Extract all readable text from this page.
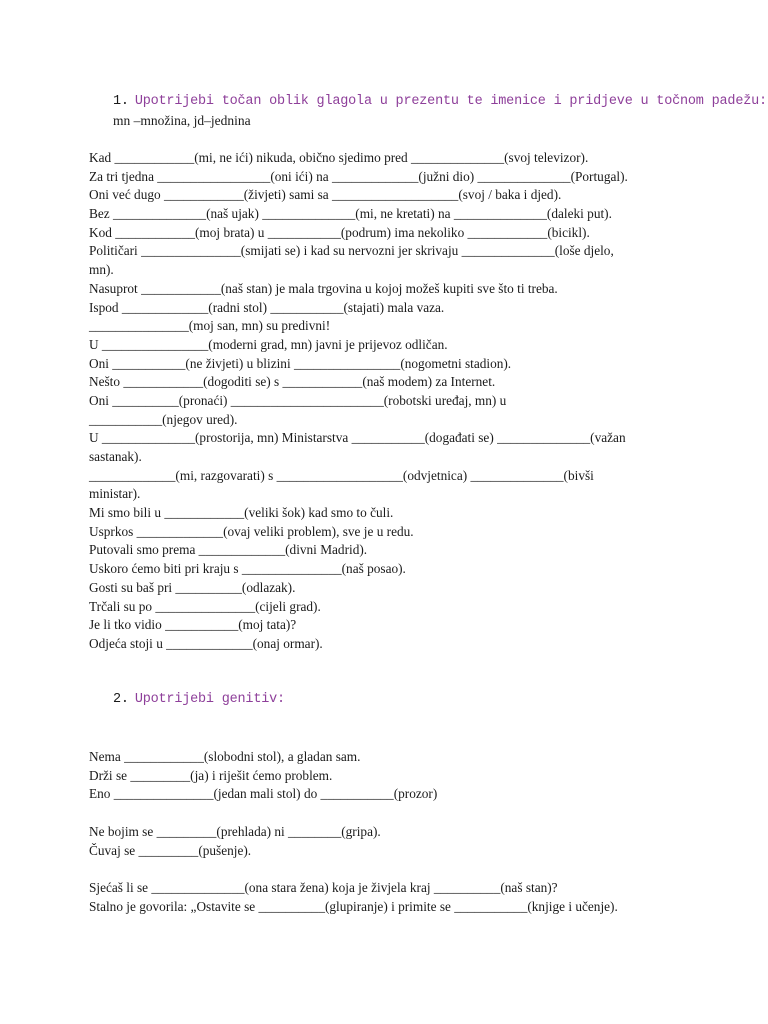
1. Upotrijebi točan oblik glagola u prezentu te imenice i pridjeve u točnom padežu:
mn –množina, jd–jednina
Kad ____________(mi, ne ići) nikuda, obično sjedimo pred ______________(svoj televizor).
Za tri tjedna _________________(oni ići) na _____________(južni dio) ______________(Portugal).
Oni već dugo ____________(živjeti) sami sa ___________________(svoj / baka i djed).
Bez ______________(naš ujak) ______________(mi, ne kretati) na ______________(daleki put).
Kod ____________(moj brata) u ___________(podrum) ima nekoliko ____________(bicikl).
Političari _______________(smijati se) i kad su nervozni jer skrivaju ______________(loše djelo,
mn).
Nasuprot ____________(naš stan) je mala trgovina u kojoj možeš kupiti sve što ti treba.
Ispod _____________(radni stol) ___________(stajati) mala vaza.
_______________(moj san, mn) su predivni!
U ________________(moderni grad, mn) javni je prijevoz odličan.
Oni ___________(ne živjeti) u blizini ________________(nogometni stadion).
Nešto ____________(dogoditi se) s ____________(naš modem) za Internet.
Oni __________(pronaći) _______________________(robotski uređaj, mn) u
___________(njegov ured).
U ______________(prostorija, mn) Ministarstva ___________(događati se) ______________(važan
sastanak).
_____________(mi, razgovarati) s ___________________(odvjetnica) ______________(bivši
ministar).
Mi smo bili u ____________(veliki šok) kad smo to čuli.
Usprkos _____________(ovaj veliki problem), sve je u redu.
Putovali smo prema _____________(divni Madrid).
Uskoro ćemo biti pri kraju s _______________(naš posao).
Gosti su baš pri __________(odlazak).
Trčali su po _______________(cijeli grad).
Je li tko vidio ___________(moj tata)?
Odjeća stoji u _____________(onaj ormar).
2. Upotrijebi genitiv:
Nema ____________(slobodni stol), a gladan sam.
Drži se _________(ja) i riješit ćemo problem.
Eno _______________(jedan mali stol) do ___________(prozor)
Ne bojim se _________(prehlada) ni ________(gripa).
Čuvaj se _________(pušenje).
Sjećaš li se ______________(ona stara žena) koja je živjela kraj __________(naš stan)?
Stalno je govorila: „Ostavite se __________(glupiranje) i primite se ___________(knjige i učenje).
